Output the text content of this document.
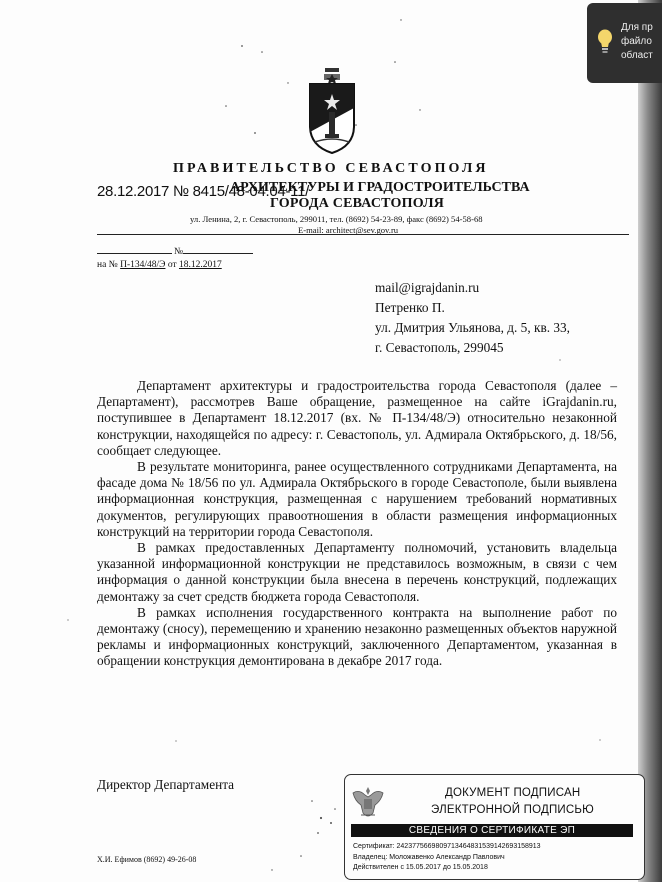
Для пр
файло
област
ПРАВИТЕЛЬСТВО СЕВАСТОПОЛЯ
АРХИТЕКТУРЫ И ГРАДОСТРОИТЕЛЬСТВА
ГОРОДА СЕВАСТОПОЛЯ
28.12.2017 № 8415/48-04.04-11/
ул. Ленина, 2, г. Севастополь, 299011, тел. (8692) 54-23-89, факс (8692) 54-58-68
E-mail: architect@sev.gov.ru
№
на № П-134/48/Э от 18.12.2017
mail@igrajdanin.ru
Петренко П.
ул. Дмитрия Ульянова, д. 5, кв. 33,
г. Севастополь, 299045

Департамент архитектуры и градостроительства города Севастополя (далее – Департамент), рассмотрев Ваше обращение, размещенное на сайте iGrajdanin.ru, поступившее в Департамент 18.12.2017 (вх. № П-134/48/Э) относительно незаконной конструкции, находящейся по адресу: г. Севастополь, ул. Адмирала Октябрьского, д. 18/56, сообщает следующее.

В результате мониторинга, ранее осуществленного сотрудниками Департамента, на фасаде дома № 18/56 по ул. Адмирала Октябрьского в городе Севастополе, были выявлена информационная конструкция, размещенная с нарушением требований нормативных документов, регулирующих правоотношения в области размещения информационных конструкций на территории города Севастополя.

В рамках предоставленных Департаменту полномочий, установить владельца указанной информационной конструкции не представилось возможным, в связи с чем информация о данной конструкции была внесена в перечень конструкций, подлежащих демонтажу за счет средств бюджета города Севастополя.

В рамках исполнения государственного контракта на выполнение работ по демонтажу (сносу), перемещению и хранению незаконно размещенных объектов наружной рекламы и информационных конструкций, заключенного Департаментом, указанная в обращении конструкция демонтирована в декабре 2017 года.

Директор Департамента
Х.И. Ефимов (8692) 49-26-08
ДОКУМЕНТ ПОДПИСАН
ЭЛЕКТРОННОЙ ПОДПИСЬЮ
СВЕДЕНИЯ О СЕРТИФИКАТЕ ЭП
Сертификат: 2423775669809713464831539142693158913
Владелец: Моложавенко Александр Павлович
Действителен с 15.05.2017 до 15.05.2018
